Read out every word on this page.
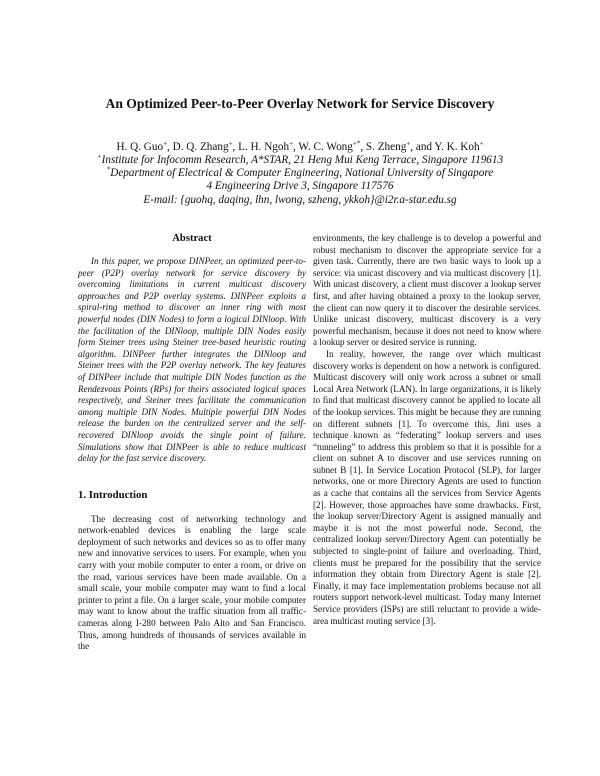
An Optimized Peer-to-Peer Overlay Network for Service Discovery
H. Q. Guo+, D. Q. Zhang+, L. H. Ngoh+, W. C. Wong+*, S. Zheng+, and Y. K. Koh+
+Institute for Infocomm Research, A*STAR, 21 Heng Mui Keng Terrace, Singapore 119613
*Department of Electrical & Computer Engineering, National University of Singapore
4 Engineering Drive 3, Singapore 117576
E-mail: {guohq, daqing, lhn, lwong, szheng, ykkoh}@i2r.a-star.edu.sg
Abstract

In this paper, we propose DINPeer, an optimized peer-to-peer (P2P) overlay network for service discovery by overcoming limitations in current multicast discovery approaches and P2P overlay systems. DINPeer exploits a spiral-ring method to discover an inner ring with most powerful nodes (DIN Nodes) to form a logical DINloop. With the facilitation of the DINloop, multiple DIN Nodes easily form Steiner trees using Steiner tree-based heuristic routing algorithm. DINPeer further integrates the DINloop and Steiner trees with the P2P overlay network. The key features of DINPeer include that multiple DIN Nodes function as the Rendezvous Points (RPs) for theirs associated logical spaces respectively, and Steiner trees facilitate the communication among multiple DIN Nodes. Multiple powerful DIN Nodes release the burden on the centralized server and the self-recovered DINloop avoids the single point of failure. Simulations show that DINPeer is able to reduce multicast delay for the fast service discovery.

1. Introduction

The decreasing cost of networking technology and network-enabled devices is enabling the large scale deployment of such networks and devices so as to offer many new and innovative services to users. For example, when you carry with your mobile computer to enter a room, or drive on the road, various services have been made available. On a small scale, your mobile computer may want to find a local printer to print a file. On a larger scale, your mobile computer may want to know about the traffic situation from all traffic-cameras along I-280 between Palo Alto and San Francisco. Thus, among hundreds of thousands of services available in the

environments, the key challenge is to develop a powerful and robust mechanism to discover the appropriate service for a given task. Currently, there are two basic ways to look up a service: via unicast discovery and via multicast discovery [1]. With unicast discovery, a client must discover a lookup server first, and after having obtained a proxy to the lookup server, the client can now query it to discover the desirable services. Unlike unicast discovery, multicast discovery is a very powerful mechanism, because it does not need to know where a lookup server or desired service is running.

In reality, however, the range over which multicast discovery works is dependent on how a network is configured. Multicast discovery will only work across a subnet or small Local Area Network (LAN). In large organizations, it is likely to find that multicast discovery cannot be applied to locate all of the lookup services. This might be because they are running on different subnets [1]. To overcome this, Jini uses a technique known as “federating” lookup servers and uses “tunneling” to address this problem so that it is possible for a client on subnet A to discover and use services running on subnet B [1]. In Service Location Protocol (SLP), for larger networks, one or more Directory Agents are used to function as a cache that contains all the services from Service Agents [2]. However, those approaches have some drawbacks. First, the lookup server/Directory Agent is assigned manually and maybe it is not the most powerful node. Second, the centralized lookup server/Directory Agent can potentially be subjected to single-point of failure and overloading. Third, clients must be prepared for the possibility that the service information they obtain from Directory Agent is stale [2]. Finally, it may face implementation problems because not all routers support network-level multicast. Today many Internet Service providers (ISPs) are still reluctant to provide a wide-area multicast routing service [3].
